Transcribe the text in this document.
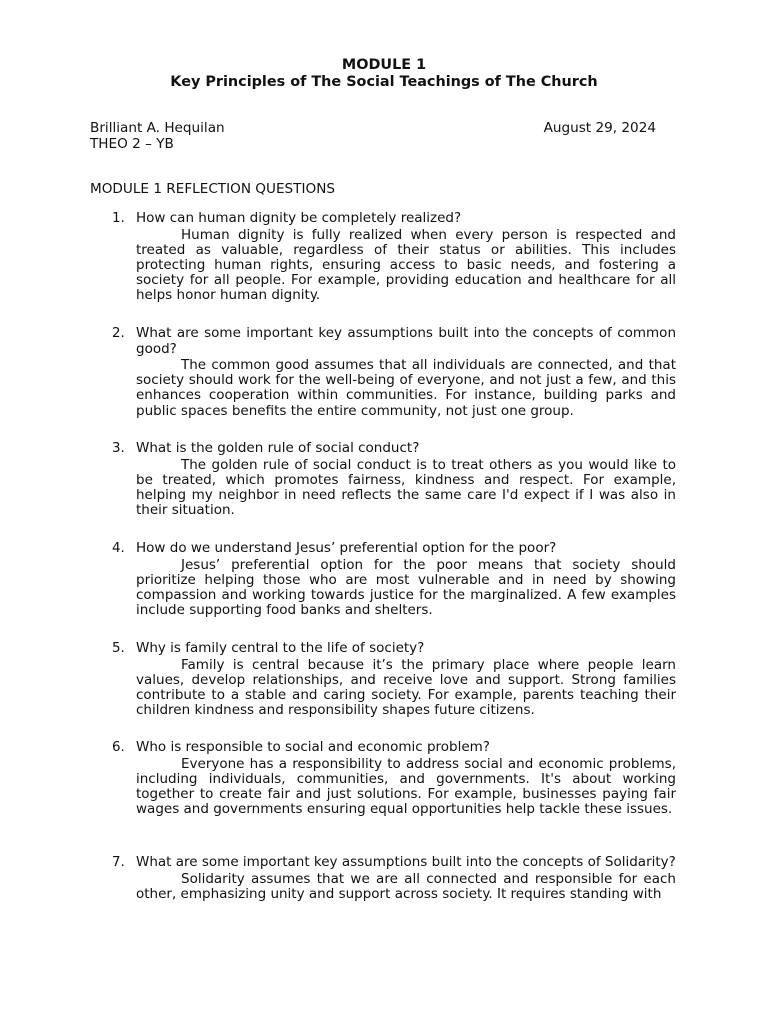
MODULE 1
Key Principles of The Social Teachings of The Church
Brilliant A. Hequilan
THEO 2 – YB
August 29, 2024
MODULE 1 REFLECTION QUESTIONS
1. How can human dignity be completely realized?
Human dignity is fully realized when every person is respected and treated as valuable, regardless of their status or abilities. This includes protecting human rights, ensuring access to basic needs, and fostering a society for all people. For example, providing education and healthcare for all helps honor human dignity.
2. What are some important key assumptions built into the concepts of common good?
The common good assumes that all individuals are connected, and that society should work for the well-being of everyone, and not just a few, and this enhances cooperation within communities. For instance, building parks and public spaces benefits the entire community, not just one group.
3. What is the golden rule of social conduct?
The golden rule of social conduct is to treat others as you would like to be treated, which promotes fairness, kindness and respect. For example, helping my neighbor in need reflects the same care I'd expect if I was also in their situation.
4. How do we understand Jesus’ preferential option for the poor?
Jesus’ preferential option for the poor means that society should prioritize helping those who are most vulnerable and in need by showing compassion and working towards justice for the marginalized. A few examples include supporting food banks and shelters.
5. Why is family central to the life of society?
Family is central because it’s the primary place where people learn values, develop relationships, and receive love and support. Strong families contribute to a stable and caring society. For example, parents teaching their children kindness and responsibility shapes future citizens.
6. Who is responsible to social and economic problem?
Everyone has a responsibility to address social and economic problems, including individuals, communities, and governments. It's about working together to create fair and just solutions. For example, businesses paying fair wages and governments ensuring equal opportunities help tackle these issues.
7. What are some important key assumptions built into the concepts of Solidarity?
Solidarity assumes that we are all connected and responsible for each other, emphasizing unity and support across society. It requires standing with
